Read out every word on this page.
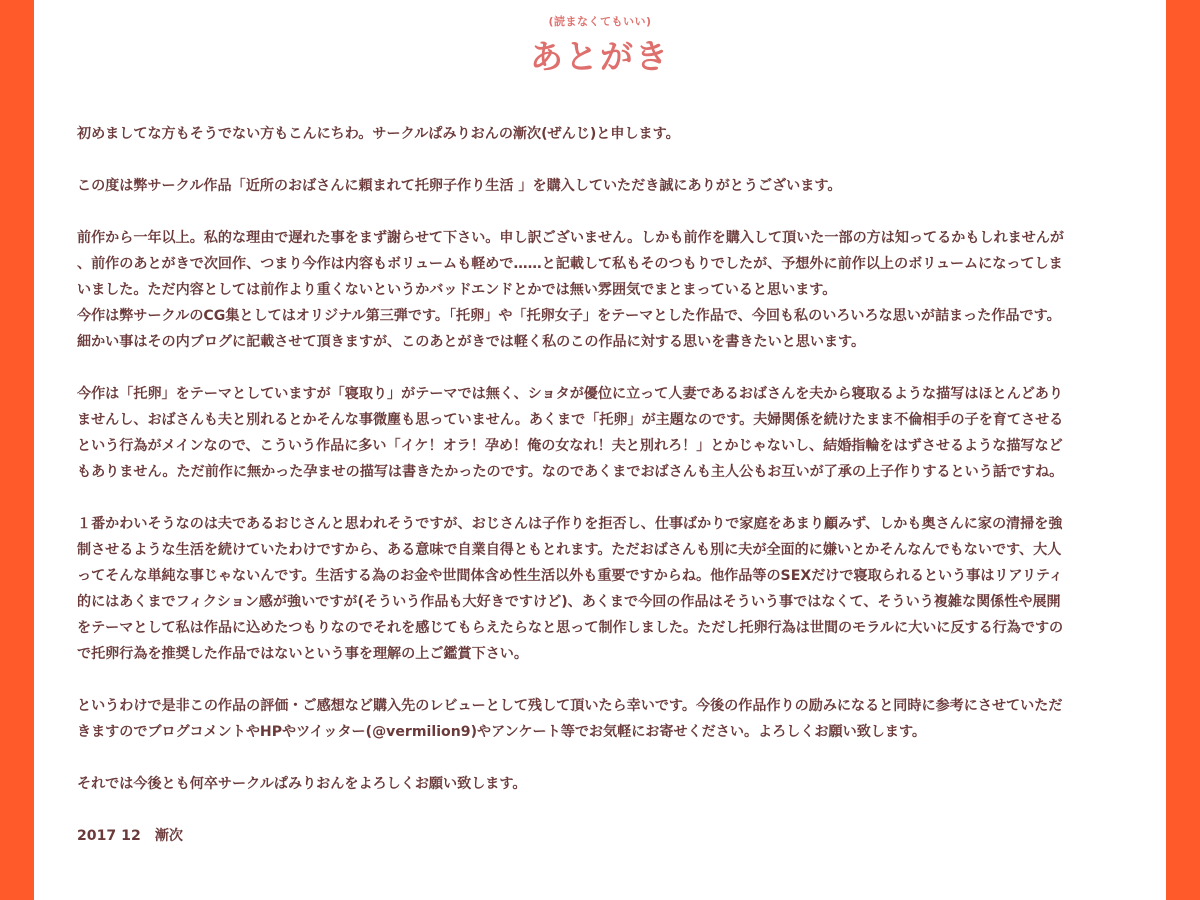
(読まなくてもいい)
あとがき
初めましてな方もそうでない方もこんにちわ。サークルぱみりおんの漸次(ぜんじ)と申します。
この度は弊サークル作品「近所のおばさんに頼まれて托卵子作り生活 」を購入していただき誠にありがとうございます。
前作から一年以上。私的な理由で遅れた事をまず謝らせて下さい。申し訳ございません。しかも前作を購入して頂いた一部の方は知ってるかもしれませんが
、前作のあとがきで次回作、つまり今作は内容もボリュームも軽めで……と記載して私もそのつもりでしたが、予想外に前作以上のボリュームになってしま
いました。ただ内容としては前作より重くないというかバッドエンドとかでは無い雰囲気でまとまっていると思います。
今作は弊サークルのCG集としてはオリジナル第三弾です。「托卵」や「托卵女子」をテーマとした作品で、今回も私のいろいろな思いが詰まった作品です。
細かい事はその内ブログに記載させて頂きますが、このあとがきでは軽く私のこの作品に対する思いを書きたいと思います。
今作は「托卵」をテーマとしていますが「寝取り」がテーマでは無く、ショタが優位に立って人妻であるおばさんを夫から寝取るような描写はほとんどあり
ませんし、おばさんも夫と別れるとかそんな事微塵も思っていません。あくまで「托卵」が主題なのです。夫婦関係を続けたまま不倫相手の子を育てさせる
という行為がメインなので、こういう作品に多い「イケ！オラ！孕め！俺の女なれ！夫と別れろ！」とかじゃないし、結婚指輪をはずさせるような描写など
もありません。ただ前作に無かった孕ませの描写は書きたかったのです。なのであくまでおばさんも主人公もお互いが了承の上子作りするという話ですね。
１番かわいそうなのは夫であるおじさんと思われそうですが、おじさんは子作りを拒否し、仕事ばかりで家庭をあまり顧みず、しかも奥さんに家の清掃を強
制させるような生活を続けていたわけですから、ある意味で自業自得ともとれます。ただおばさんも別に夫が全面的に嫌いとかそんなんでもないです、大人
ってそんな単純な事じゃないんです。生活する為のお金や世間体含め性生活以外も重要ですからね。他作品等のSEXだけで寝取られるという事はリアリティ
的にはあくまでフィクション感が強いですが(そういう作品も大好きですけど)、あくまで今回の作品はそういう事ではなくて、そういう複雑な関係性や展開
をテーマとして私は作品に込めたつもりなのでそれを感じてもらえたらなと思って制作しました。ただし托卵行為は世間のモラルに大いに反する行為ですの
で托卵行為を推奨した作品ではないという事を理解の上ご鑑賞下さい。
というわけで是非この作品の評価・ご感想など購入先のレビューとして残して頂いたら幸いです。今後の作品作りの励みになると同時に参考にさせていただ
きますのでブログコメントやHPやツイッター(@vermilion9)やアンケート等でお気軽にお寄せください。よろしくお願い致します。
それでは今後とも何卒サークルぱみりおんをよろしくお願い致します。
2017 12　漸次
